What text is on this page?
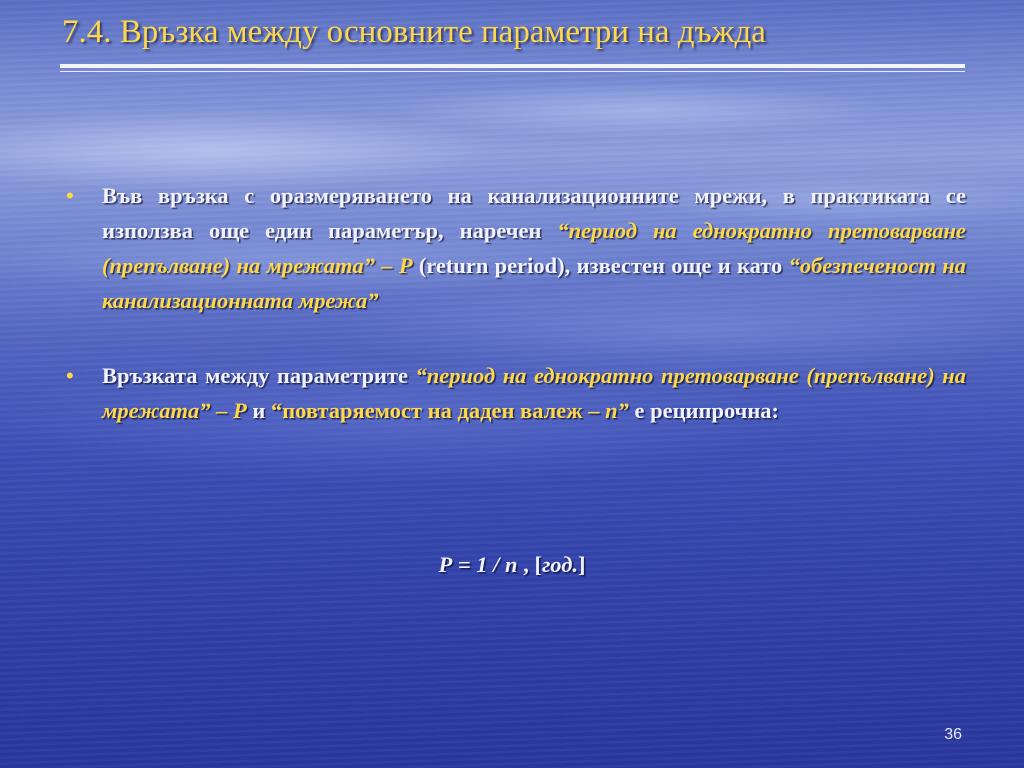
7.4. Връзка между основните параметри на дъжда
• Във връзка с оразмеряването на канализационните мрежи, в практиката се използва още един параметър, наречен “период на еднократно претоварване (препълване) на мрежата” – Р (return period), известен още и като “обезпеченост на канализационната мрежа”

• Връзката между параметрите “период на еднократно претоварване (препълване) на мрежата” – Р и “повтаряемост на даден валеж – n” е реципрочна:

Р = 1 / n , [год.]
36
